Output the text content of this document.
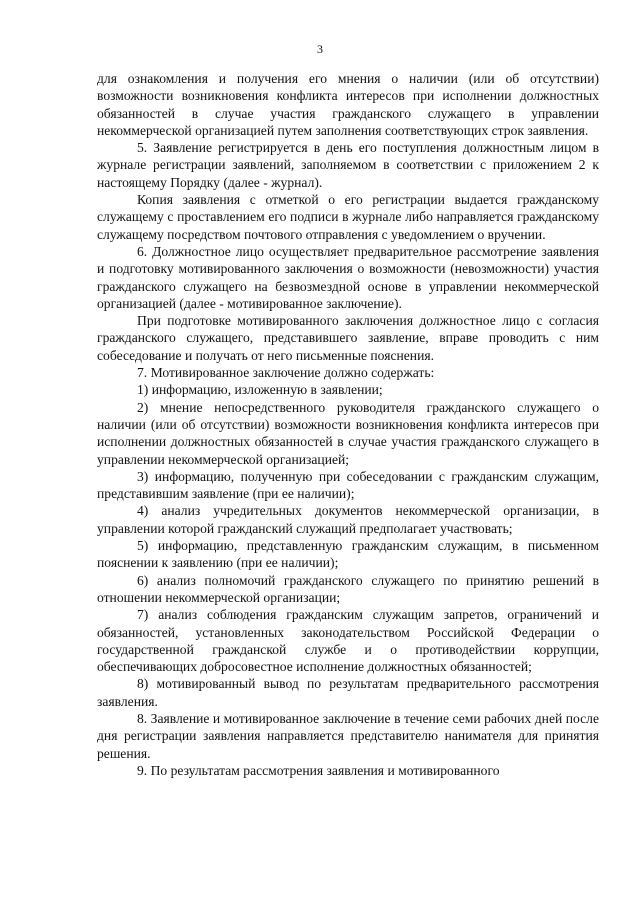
3

для ознакомления и получения его мнения о наличии (или об отсутствии) возможности возникновения конфликта интересов при исполнении должностных обязанностей в случае участия гражданского служащего в управлении некоммерческой организацией путем заполнения соответствующих строк заявления.

5. Заявление регистрируется в день его поступления должностным лицом в журнале регистрации заявлений, заполняемом в соответствии с приложением 2 к настоящему Порядку (далее - журнал).

Копия заявления с отметкой о его регистрации выдается гражданскому служащему с проставлением его подписи в журнале либо направляется гражданскому служащему посредством почтового отправления с уведомлением о вручении.

6. Должностное лицо осуществляет предварительное рассмотрение заявления и подготовку мотивированного заключения о возможности (невозможности) участия гражданского служащего на безвозмездной основе в управлении некоммерческой организацией (далее - мотивированное заключение).

При подготовке мотивированного заключения должностное лицо с согласия гражданского служащего, представившего заявление, вправе проводить с ним собеседование и получать от него письменные пояснения.

7. Мотивированное заключение должно содержать:

1) информацию, изложенную в заявлении;

2) мнение непосредственного руководителя гражданского служащего о наличии (или об отсутствии) возможности возникновения конфликта интересов при исполнении должностных обязанностей в случае участия гражданского служащего в управлении некоммерческой организацией;

3) информацию, полученную при собеседовании с гражданским служащим, представившим заявление (при ее наличии);

4) анализ учредительных документов некоммерческой организации, в управлении которой гражданский служащий предполагает участвовать;

5) информацию, представленную гражданским служащим, в письменном пояснении к заявлению (при ее наличии);

6) анализ полномочий гражданского служащего по принятию решений в отношении некоммерческой организации;

7) анализ соблюдения гражданским служащим запретов, ограничений и обязанностей, установленных законодательством Российской Федерации о государственной гражданской службе и о противодействии коррупции, обеспечивающих добросовестное исполнение должностных обязанностей;

8) мотивированный вывод по результатам предварительного рассмотрения заявления.

8. Заявление и мотивированное заключение в течение семи рабочих дней после дня регистрации заявления направляется представителю нанимателя для принятия решения.

9. По результатам рассмотрения заявления и мотивированного
